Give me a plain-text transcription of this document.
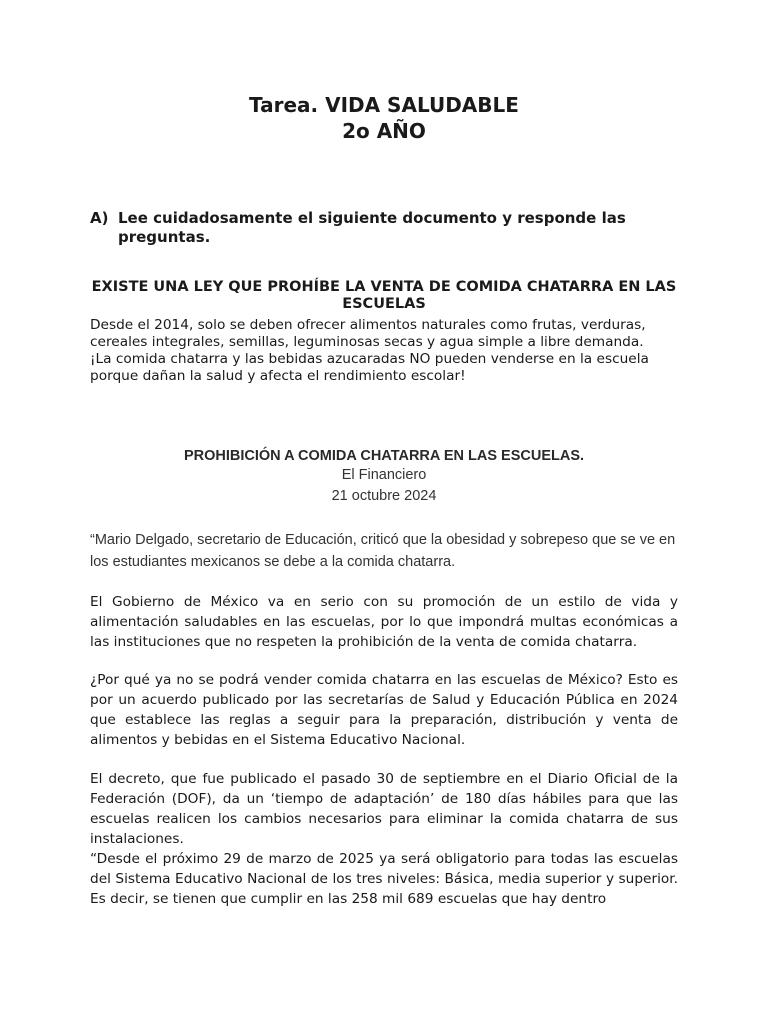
Tarea. VIDA SALUDABLE
2o AÑO
A) Lee cuidadosamente el siguiente documento y responde las preguntas.
EXISTE UNA LEY QUE PROHÍBE LA VENTA DE COMIDA CHATARRA EN LAS ESCUELAS

Desde el 2014, solo se deben ofrecer alimentos naturales como frutas, verduras,
cereales integrales, semillas, leguminosas secas y agua simple a libre demanda.
¡La comida chatarra y las bebidas azucaradas NO pueden venderse en la escuela
porque dañan la salud y afecta el rendimiento escolar!

PROHIBICIÓN A COMIDA CHATARRA EN LAS ESCUELAS.
El Financiero
21 octubre 2024

“Mario Delgado, secretario de Educación, criticó que la obesidad y sobrepeso que se ve en los estudiantes mexicanos se debe a la comida chatarra.

El Gobierno de México va en serio con su promoción de un estilo de vida y alimentación saludables en las escuelas, por lo que impondrá multas económicas a las instituciones que no respeten la prohibición de la venta de comida chatarra.

¿Por qué ya no se podrá vender comida chatarra en las escuelas de México? Esto es por un acuerdo publicado por las secretarías de Salud y Educación Pública en 2024 que establece las reglas a seguir para la preparación, distribución y venta de alimentos y bebidas en el Sistema Educativo Nacional.

El decreto, que fue publicado el pasado 30 de septiembre en el Diario Oficial de la Federación (DOF), da un ‘tiempo de adaptación’ de 180 días hábiles para que las escuelas realicen los cambios necesarios para eliminar la comida chatarra de sus instalaciones.

“Desde el próximo 29 de marzo de 2025 ya será obligatorio para todas las escuelas del Sistema Educativo Nacional de los tres niveles: Básica, media superior y superior. Es decir, se tienen que cumplir en las 258 mil 689 escuelas que hay dentro
